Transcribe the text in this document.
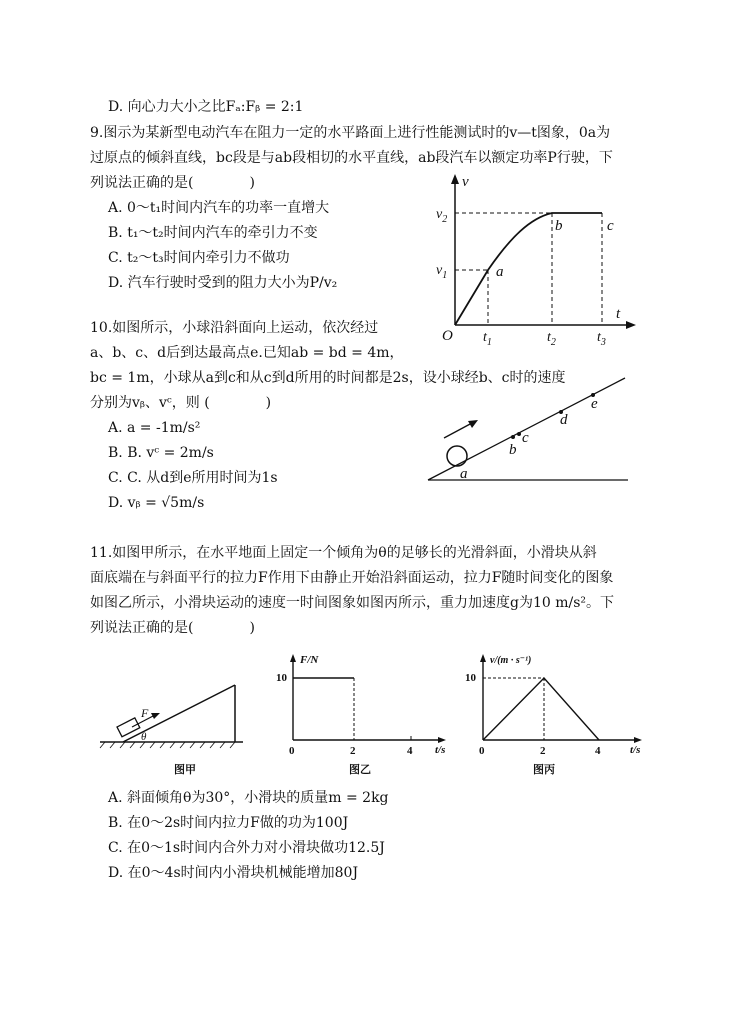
D. 向心力大小之比Fₐ:Fᵦ = 2:1
9.图示为某新型电动汽车在阻力一定的水平路面上进行性能测试时的v—t图象，0a为
过原点的倾斜直线，bc段是与ab段相切的水平直线，ab段汽车以额定功率P行驶，下
列说法正确的是(　　　　)
A. 0～t₁时间内汽车的功率一直增大
B. t₁～t₂时间内汽车的牵引力不变
C. t₂～t₃时间内牵引力不做功
D. 汽车行驶时受到的阻力大小为P/v₂
v
t
O
$v_2$
$v_1$
$t_1$	$t_2$	$t_3$
a
b	c
10.如图所示，小球沿斜面向上运动，依次经过
a、b、c、d后到达最高点e.已知ab = bd = 4m，
bc = 1m，小球从a到c和从c到d所用的时间都是2s，设小球经b、c时的速度
分别为vᵦ、vᶜ，则 (　　　　)
A. a = -1m/s²
B. B. vᶜ = 2m/s
C. C. 从d到e所用时间为1s
D. vᵦ = √5m/s
a
b
c
d
e
11.如图甲所示，在水平地面上固定一个倾角为θ的足够长的光滑斜面，小滑块从斜
面底端在与斜面平行的拉力F作用下由静止开始沿斜面运动，拉力F随时间变化的图象
如图乙所示，小滑块运动的速度一时间图象如图丙所示，重力加速度g为10 m/s²。下
列说法正确的是(　　　　)
F
θ
图甲
F/N
t/s
10
0	2	4
图乙
v/(m · s⁻¹)
t/s
10
0	2	4
图丙
A. 斜面倾角θ为30°，小滑块的质量m = 2kg
B. 在0～2s时间内拉力F做的功为100J
C. 在0～1s时间内合外力对小滑块做功12.5J
D. 在0～4s时间内小滑块机械能增加80J
